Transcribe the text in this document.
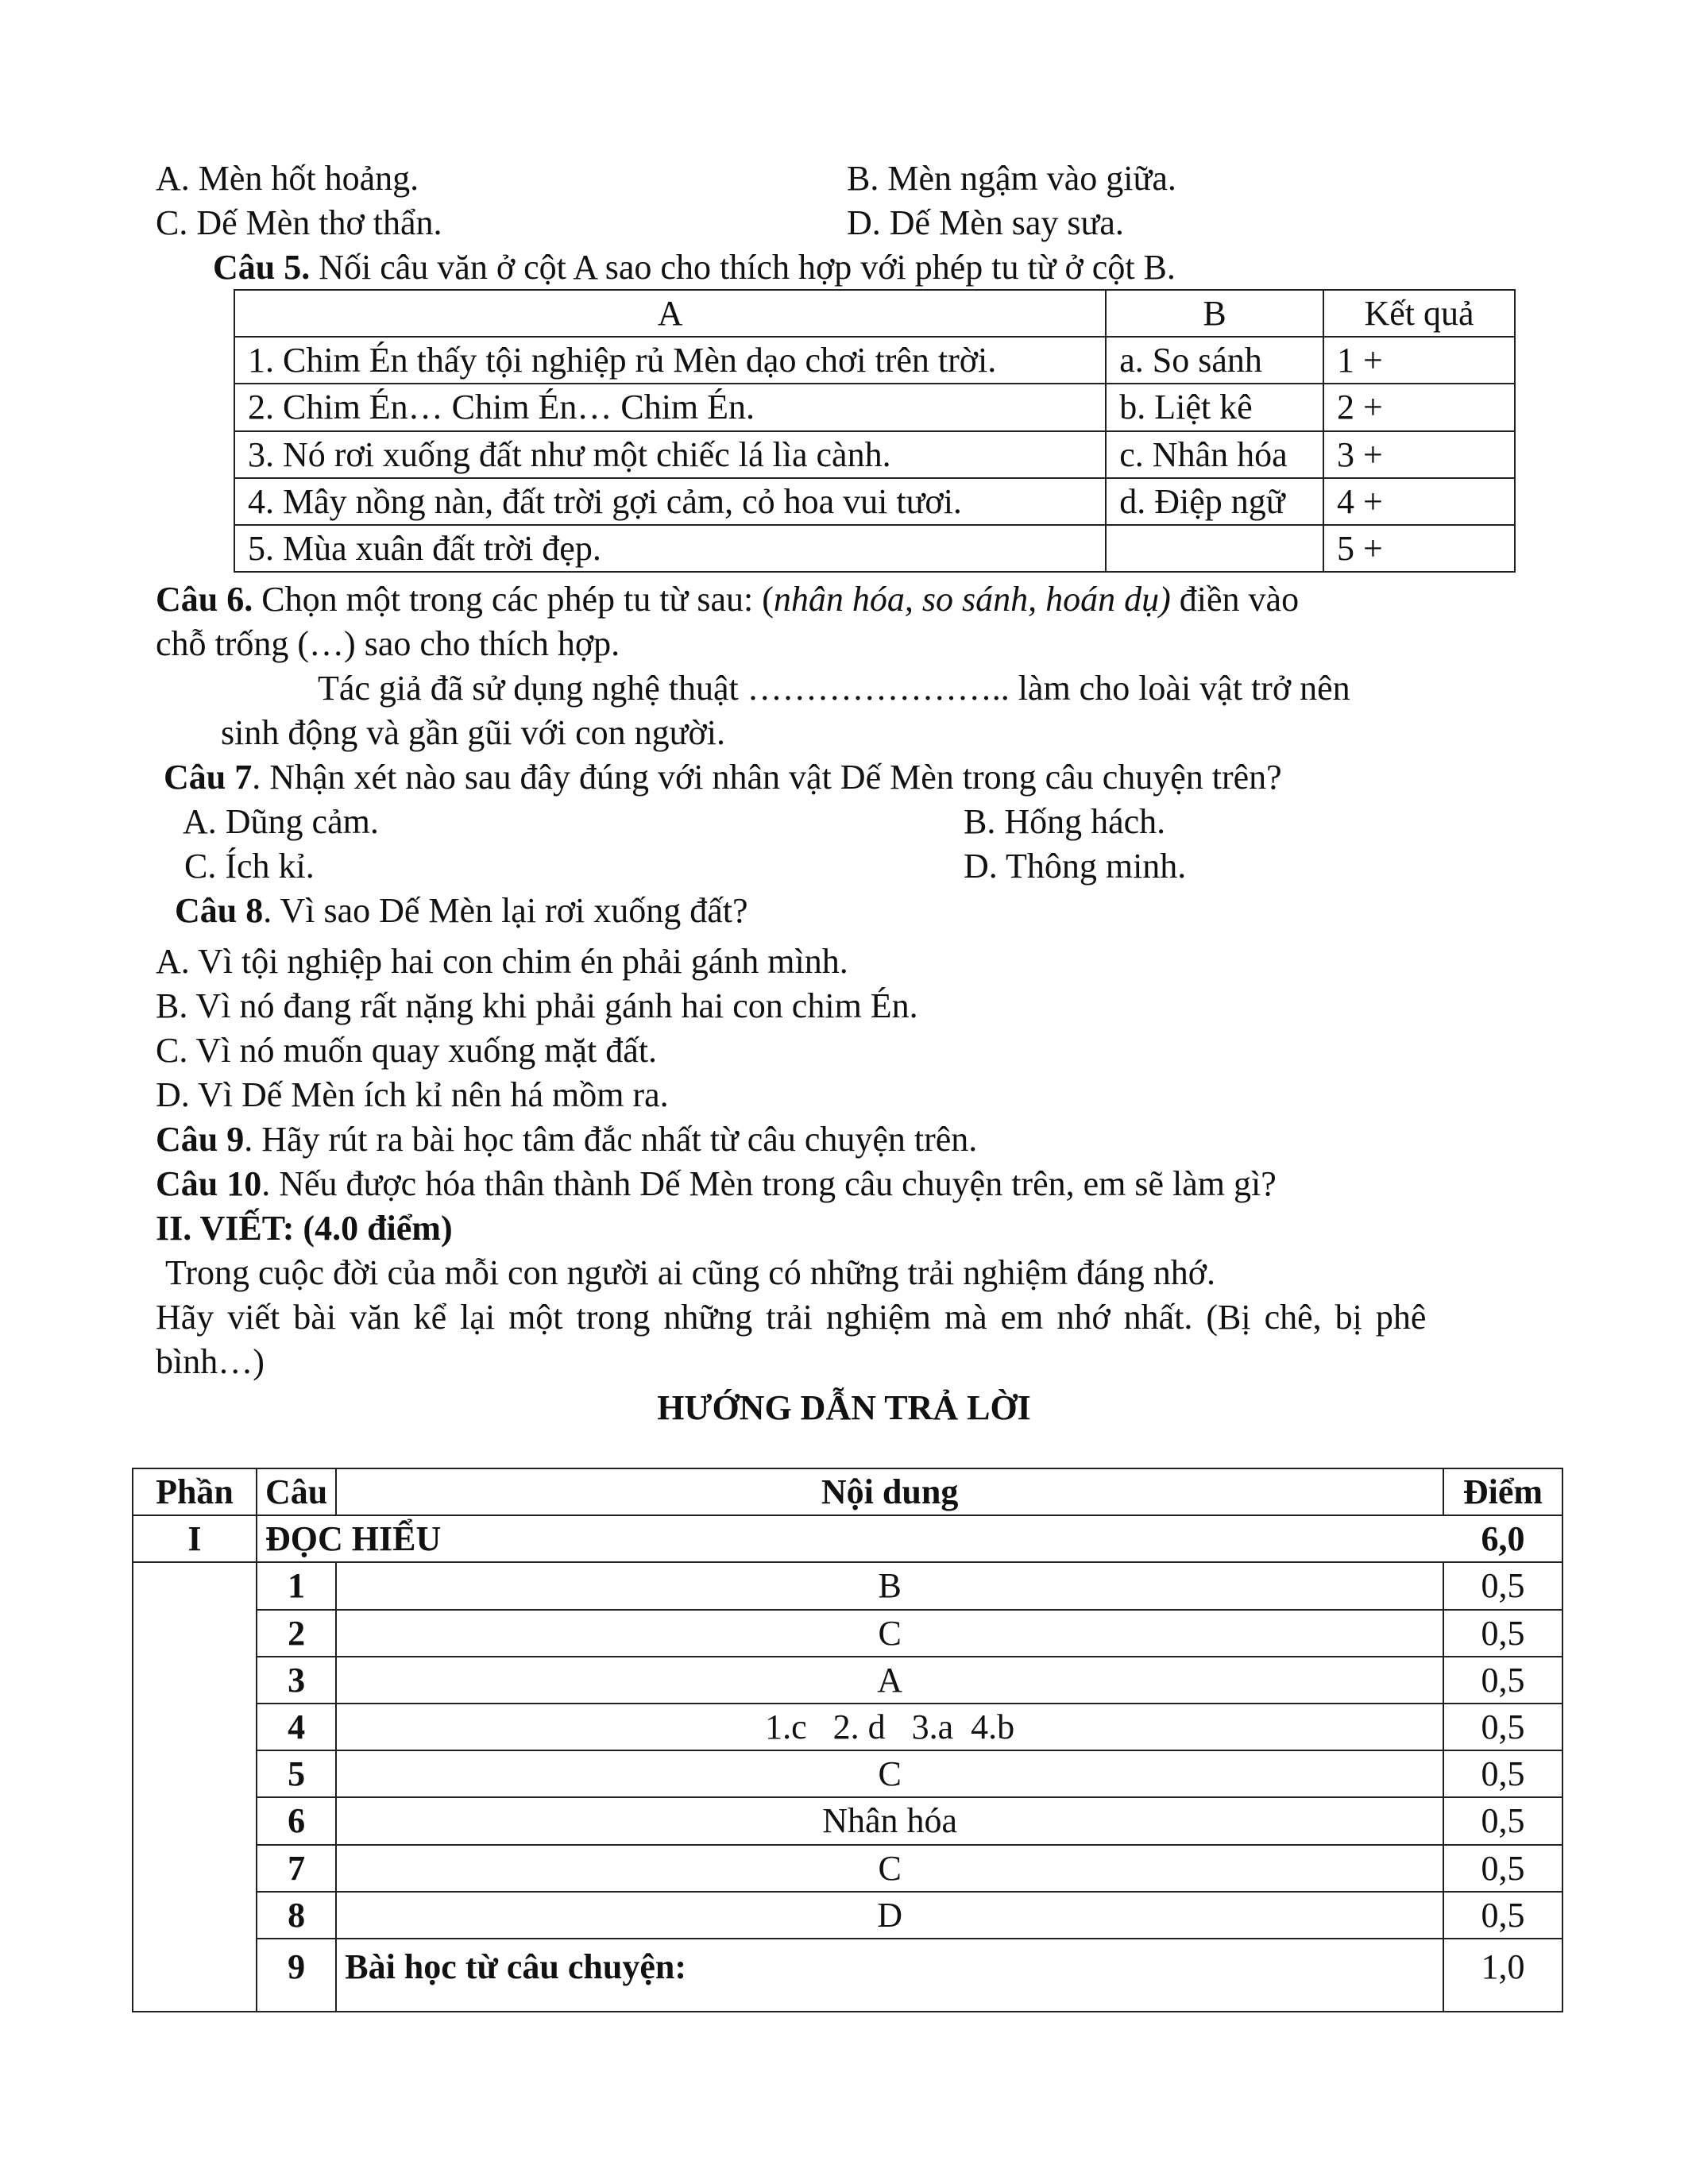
A. Mèn hốt hoảng.	B. Mèn ngậm vào giữa.
C. Dế Mèn thơ thẩn.	D. Dế Mèn say sưa.
Câu 5. Nối câu văn ở cột A sao cho thích hợp với phép tu từ ở cột B.
A	B	Kết quả
1. Chim Én thấy tội nghiệp rủ Mèn dạo chơi trên trời.	a. So sánh	1 +
2. Chim Én… Chim Én… Chim Én.	b. Liệt kê	2 +
3. Nó rơi xuống đất như một chiếc lá lìa cành.	c. Nhân hóa	3 +
4. Mây nồng nàn, đất trời gợi cảm, cỏ hoa vui tươi.	d. Điệp ngữ	4 +
5. Mùa xuân đất trời đẹp.		5 +
Câu 6. Chọn một trong các phép tu từ sau: (nhân hóa, so sánh, hoán dụ) điền vào
chỗ trống (…) sao cho thích hợp.
Tác giả đã sử dụng nghệ thuật ………………….. làm cho loài vật trở nên
sinh động và gần gũi với con người.
Câu 7. Nhận xét nào sau đây đúng với nhân vật Dế Mèn trong câu chuyện trên?
A. Dũng cảm.	B. Hống hách.
C. Ích kỉ.	D. Thông minh.
Câu 8. Vì sao Dế Mèn lại rơi xuống đất?
A. Vì tội nghiệp hai con chim én phải gánh mình.
B. Vì nó đang rất nặng khi phải gánh hai con chim Én.
C. Vì nó muốn quay xuống mặt đất.
D. Vì Dế Mèn ích kỉ nên há mồm ra.
Câu 9. Hãy rút ra bài học tâm đắc nhất từ câu chuyện trên.
Câu 10. Nếu được hóa thân thành Dế Mèn trong câu chuyện trên, em sẽ làm gì?
II. VIẾT: (4.0 điểm)
Trong cuộc đời của mỗi con người ai cũng có những trải nghiệm đáng nhớ.
Hãy viết bài văn kể lại một trong những trải nghiệm mà em nhớ nhất. (Bị chê, bị phê
bình…)
HƯỚNG DẪN TRẢ LỜI
Phần	Câu	Nội dung	Điểm
I	ĐỌC HIỂU		6,0
	1	B	0,5
	2	C	0,5
	3	A	0,5
	4	1.c   2. d   3.a  4.b	0,5
	5	C	0,5
	6	Nhân hóa	0,5
	7	C	0,5
	8	D	0,5
	9	Bài học từ câu chuyện:	1,0
